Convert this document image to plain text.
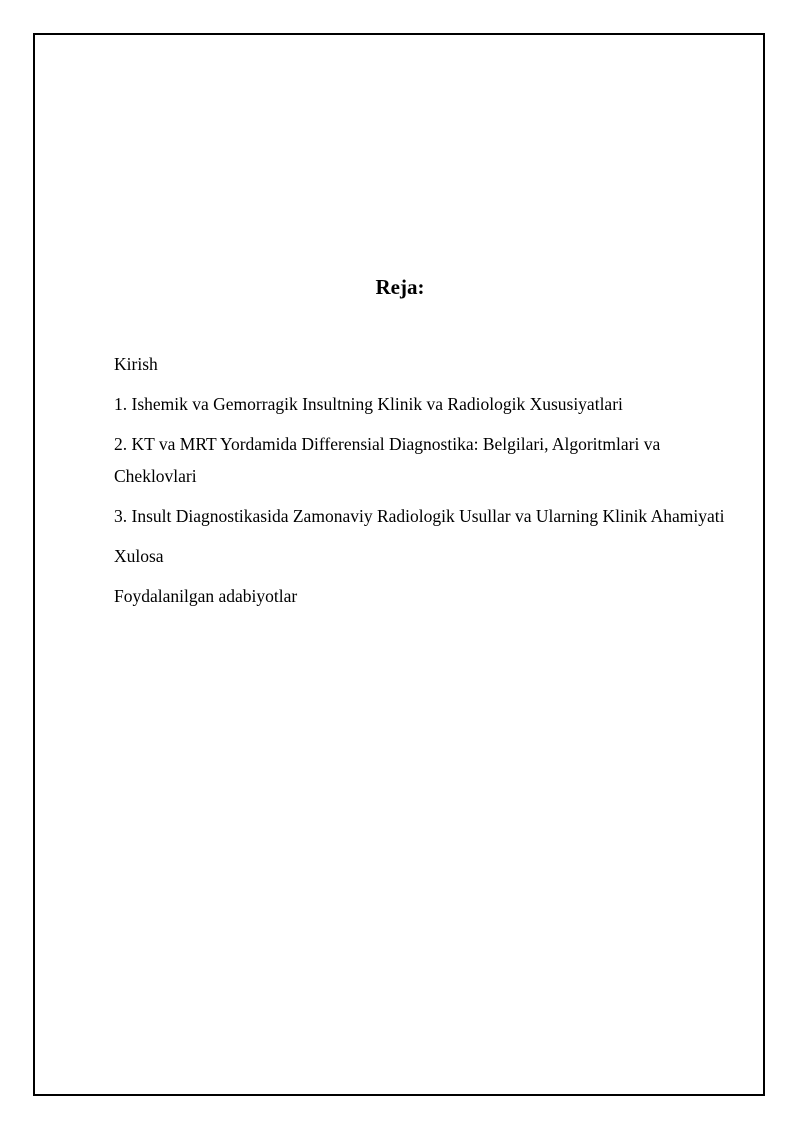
Reja:
Kirish
1. Ishemik va Gemorragik Insultning Klinik va Radiologik Xususiyatlari
2. KT va MRT Yordamida Differensial Diagnostika: Belgilari, Algoritmlari va Cheklovlari
3. Insult Diagnostikasida Zamonaviy Radiologik Usullar va Ularning Klinik Ahamiyati
Xulosa
Foydalanilgan adabiyotlar
